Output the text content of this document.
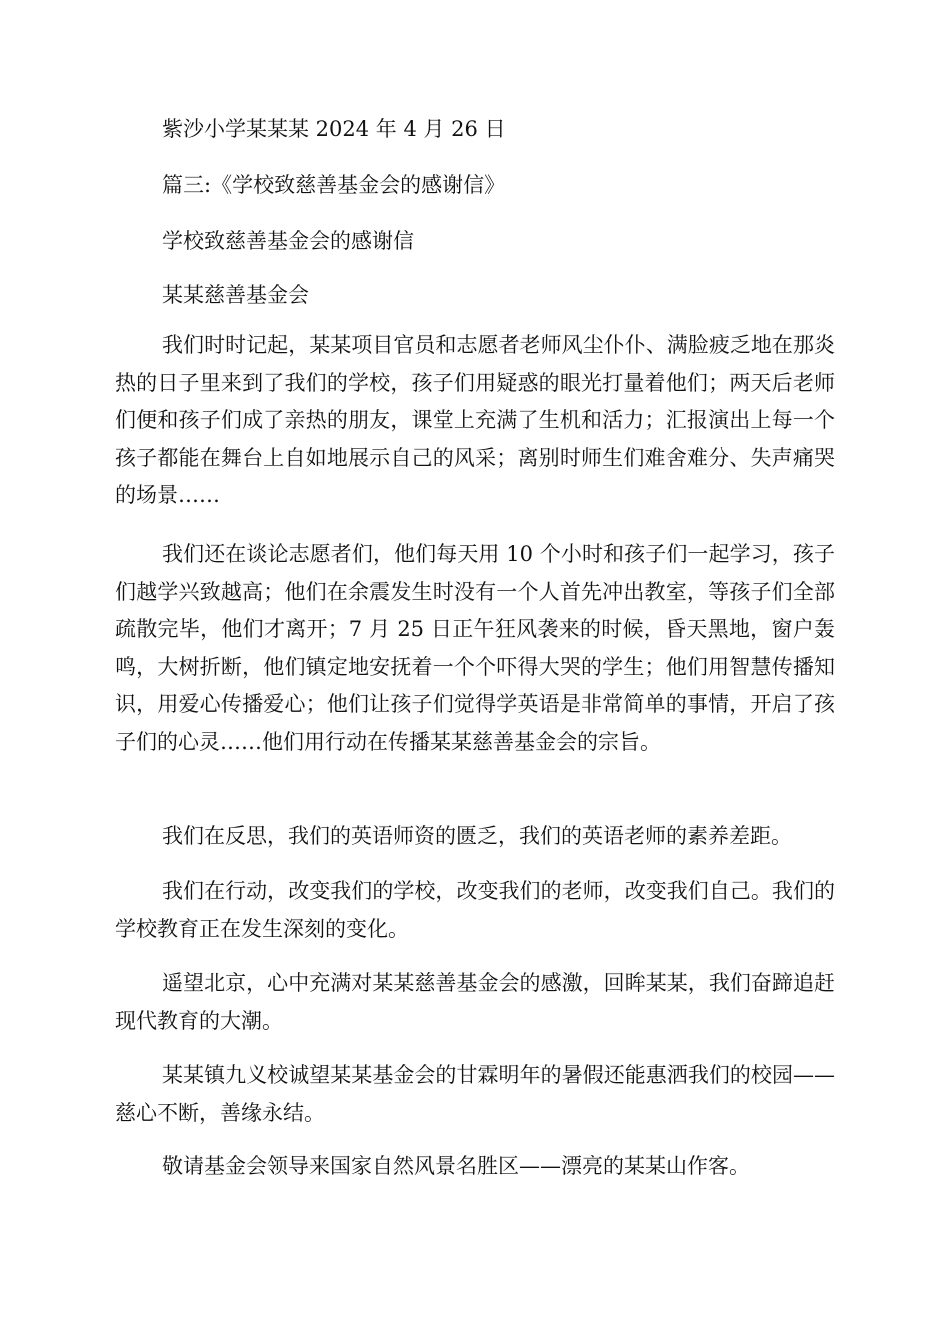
紫沙小学某某某 2024 年 4 月 26 日
篇三:《学校致慈善基金会的感谢信》
学校致慈善基金会的感谢信
某某慈善基金会

我们时时记起，某某项目官员和志愿者老师风尘仆仆、满脸疲乏地在那炎热的日子里来到了我们的学校，孩子们用疑惑的眼光打量着他们；两天后老师们便和孩子们成了亲热的朋友，课堂上充满了生机和活力；汇报演出上每一个孩子都能在舞台上自如地展示自己的风采；离别时师生们难舍难分、失声痛哭的场景……

我们还在谈论志愿者们，他们每天用 10 个小时和孩子们一起学习，孩子们越学兴致越高；他们在余震发生时没有一个人首先冲出教室，等孩子们全部疏散完毕，他们才离开；7 月 25 日正午狂风袭来的时候，昏天黑地，窗户轰鸣，大树折断，他们镇定地安抚着一个个吓得大哭的学生；他们用智慧传播知识，用爱心传播爱心；他们让孩子们觉得学英语是非常简单的事情，开启了孩子们的心灵……他们用行动在传播某某慈善基金会的宗旨。

我们在反思，我们的英语师资的匮乏，我们的英语老师的素养差距。

我们在行动，改变我们的学校，改变我们的老师，改变我们自己。我们的学校教育正在发生深刻的变化。

遥望北京，心中充满对某某慈善基金会的感激，回眸某某，我们奋蹄追赶现代教育的大潮。

某某镇九义校诚望某某基金会的甘霖明年的暑假还能惠洒我们的校园——慈心不断，善缘永结。

敬请基金会领导来国家自然风景名胜区——漂亮的某某山作客。
